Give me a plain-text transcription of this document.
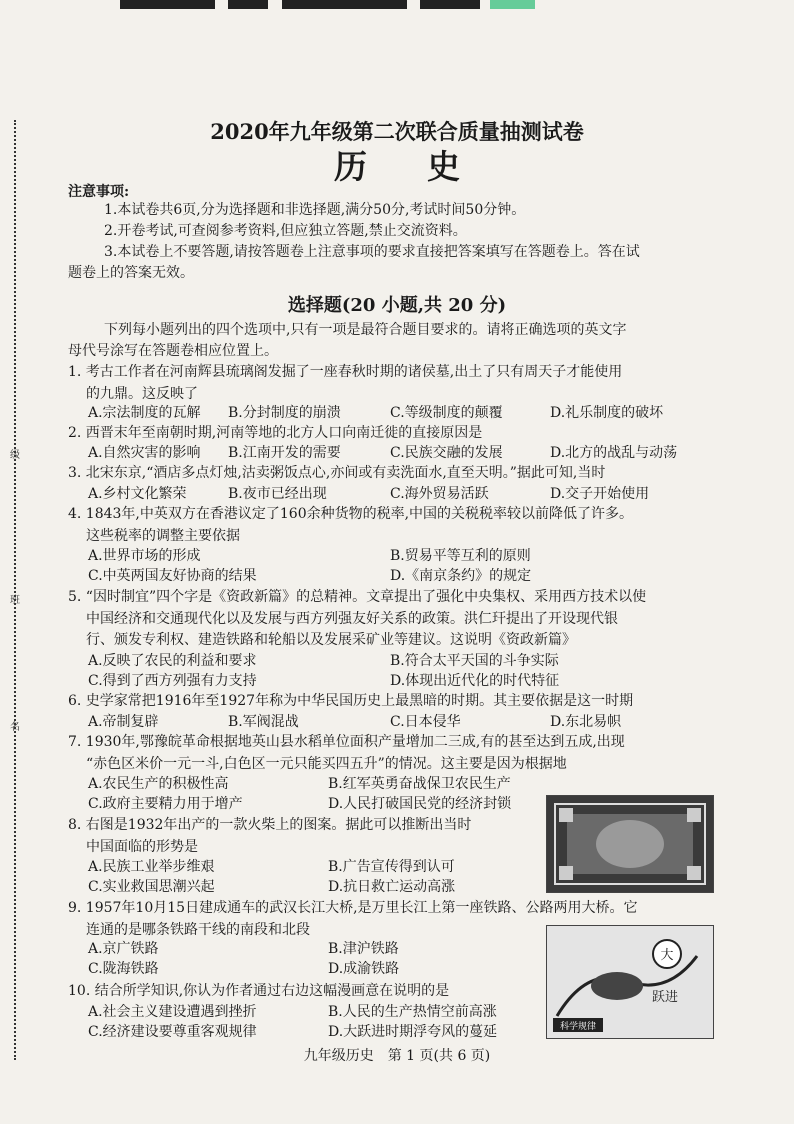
级
班
名
2020年九年级第二次联合质量抽测试卷
历史
注意事项:
1.本试卷共6页,分为选择题和非选择题,满分50分,考试时间50分钟。
2.开卷考试,可查阅参考资料,但应独立答题,禁止交流资料。
3.本试卷上不要答题,请按答题卷上注意事项的要求直接把答案填写在答题卷上。答在试
题卷上的答案无效。
选择题(20 小题,共 20 分)
下列每小题列出的四个选项中,只有一项是最符合题目要求的。请将正确选项的英文字
母代号涂写在答题卷相应位置上。
1. 考古工作者在河南辉县琉璃阁发掘了一座春秋时期的诸侯墓,出土了只有周天子才能使用
的九鼎。这反映了
A.宗法制度的瓦解 B.分封制度的崩溃	C.等级制度的颠覆	D.礼乐制度的破坏
2. 西晋末年至南朝时期,河南等地的北方人口向南迁徙的直接原因是
A.自然灾害的影响 B.江南开发的需要	C.民族交融的发展	D.北方的战乱与动荡
3. 北宋东京,“酒店多点灯烛,沽卖粥饭点心,亦间或有卖洗面水,直至天明。”据此可知,当时
A.乡村文化繁荣	B.夜市已经出现	C.海外贸易活跃	D.交子开始使用
4. 1843年,中英双方在香港议定了160余种货物的税率,中国的关税税率较以前降低了许多。
这些税率的调整主要依据
A.世界市场的形成	B.贸易平等互利的原则
C.中英两国友好协商的结果	D.《南京条约》的规定
5. “因时制宜”四个字是《资政新篇》的总精神。文章提出了强化中央集权、采用西方技术以使
中国经济和交通现代化以及发展与西方列强友好关系的政策。洪仁玕提出了开设现代银
行、颁发专利权、建造铁路和轮船以及发展采矿业等建议。这说明《资政新篇》
A.反映了农民的利益和要求	B.符合太平天国的斗争实际
C.得到了西方列强有力支持	D.体现出近代化的时代特征
6. 史学家常把1916年至1927年称为中华民国历史上最黑暗的时期。其主要依据是这一时期
A.帝制复辟	B.军阀混战	C.日本侵华	D.东北易帜
7. 1930年,鄂豫皖革命根据地英山县水稻单位面积产量增加二三成,有的甚至达到五成,出现
“赤色区米价一元一斗,白色区一元只能买四五升”的情况。这主要是因为根据地
A.农民生产的积极性高	B.红军英勇奋战保卫农民生产
C.政府主要精力用于增产	D.人民打破国民党的经济封锁
8. 右图是1932年出产的一款火柴上的图案。据此可以推断出当时
中国面临的形势是
A.民族工业举步维艰	B.广告宣传得到认可
C.实业救国思潮兴起	D.抗日救亡运动高涨
9. 1957年10月15日建成通车的武汉长江大桥,是万里长江上第一座铁路、公路两用大桥。它
连通的是哪条铁路干线的南段和北段
A.京广铁路	B.津沪铁路
C.陇海铁路	D.成渝铁路
大
跃进
科学规律
10. 结合所学知识,你认为作者通过右边这幅漫画意在说明的是
A.社会主义建设遭遇到挫折	B.人民的生产热情空前高涨
C.经济建设要尊重客观规律	D.大跃进时期浮夸风的蔓延
九年级历史　第 1 页(共 6 页)
